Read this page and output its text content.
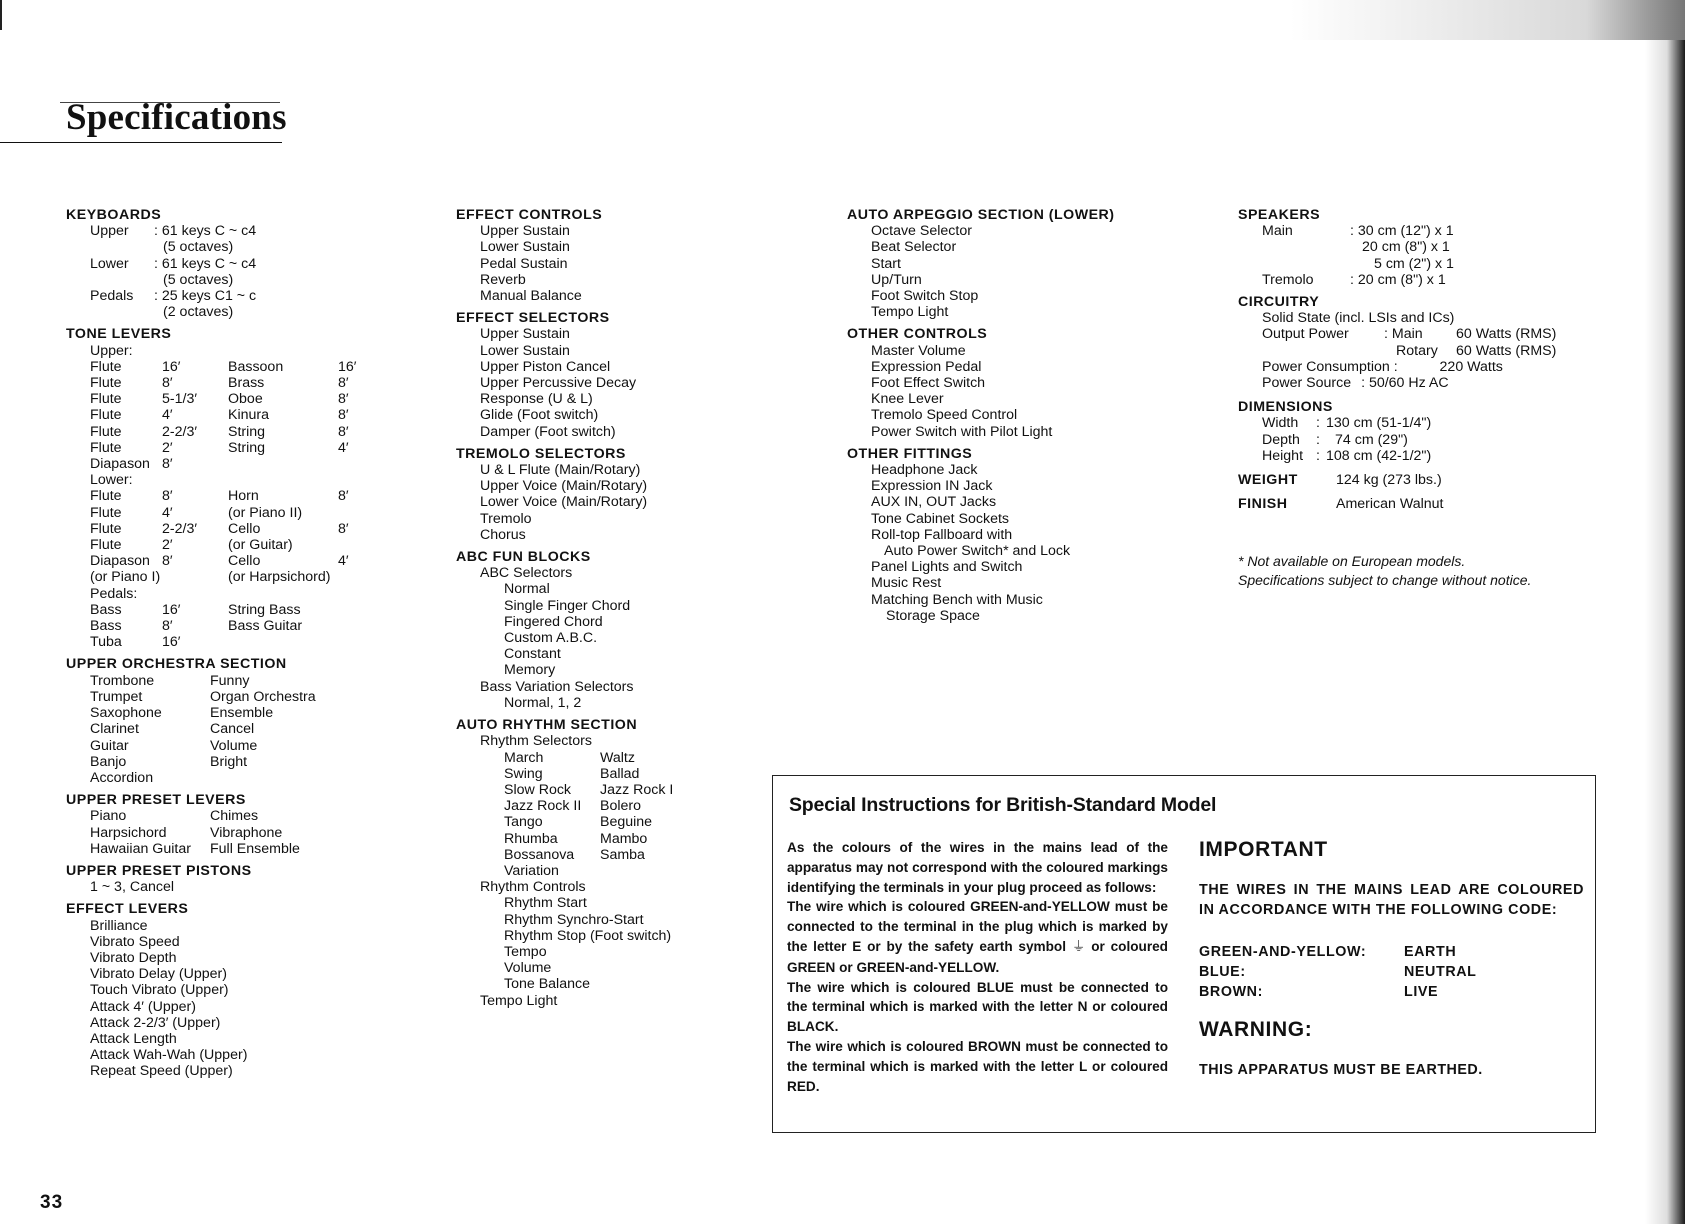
Specifications
KEYBOARDS
Upper	: 61 keys C ~ c4
(5 octaves)
Lower	: 61 keys C ~ c4
(5 octaves)
Pedals	: 25 keys C1 ~ c
(2 octaves)
TONE LEVERS
Upper:
Flute	16′	Bassoon	16′
Flute	8′	Brass	8′
Flute	5-1/3′	Oboe	8′
Flute	4′	Kinura	8′
Flute	2-2/3′	String	8′
Flute	2′	String	4′
Diapason 8′
Lower:
Flute	8′	Horn	8′
Flute	4′	(or Piano II)
Flute	2-2/3′	Cello	8′
Flute	2′	(or Guitar)
Diapason 8′	Cello	4′
(or Piano I)	(or Harpsichord)
Pedals:
Bass	16′	String Bass
Bass	8′	Bass Guitar
Tuba	16′
UPPER ORCHESTRA SECTION
Trombone	Funny
Trumpet	Organ Orchestra
Saxophone	Ensemble
Clarinet	Cancel
Guitar	Volume
Banjo	Bright
Accordion
UPPER PRESET LEVERS
Piano	Chimes
Harpsichord	Vibraphone
Hawaiian Guitar	Full Ensemble
UPPER PRESET PISTONS
1 ~ 3, Cancel
EFFECT LEVERS
Brilliance
Vibrato Speed
Vibrato Depth
Vibrato Delay (Upper)
Touch Vibrato (Upper)
Attack 4′ (Upper)
Attack 2-2/3′ (Upper)
Attack Length
Attack Wah-Wah (Upper)
Repeat Speed (Upper)
EFFECT CONTROLS
Upper Sustain
Lower Sustain
Pedal Sustain
Reverb
Manual Balance
EFFECT SELECTORS
Upper Sustain
Lower Sustain
Upper Piston Cancel
Upper Percussive Decay
Response (U & L)
Glide (Foot switch)
Damper (Foot switch)
TREMOLO SELECTORS
U & L Flute (Main/Rotary)
Upper Voice (Main/Rotary)
Lower Voice (Main/Rotary)
Tremolo
Chorus
ABC FUN BLOCKS
ABC Selectors
Normal
Single Finger Chord
Fingered Chord
Custom A.B.C.
Constant
Memory
Bass Variation Selectors
Normal, 1, 2
AUTO RHYTHM SECTION
Rhythm Selectors
March	Waltz
Swing	Ballad
Slow Rock	Jazz Rock I
Jazz Rock II	Bolero
Tango	Beguine
Rhumba	Mambo
Bossanova	Samba
Variation
Rhythm Controls
Rhythm Start
Rhythm Synchro-Start
Rhythm Stop (Foot switch)
Tempo
Volume
Tone Balance
Tempo Light
AUTO ARPEGGIO SECTION (LOWER)
Octave Selector
Beat Selector
Start
Up/Turn
Foot Switch Stop
Tempo Light
OTHER CONTROLS
Master Volume
Expression Pedal
Foot Effect Switch
Knee Lever
Tremolo Speed Control
Power Switch with Pilot Light
OTHER FITTINGS
Headphone Jack
Expression IN Jack
AUX IN, OUT Jacks
Tone Cabinet Sockets
Roll-top Fallboard with
Auto Power Switch* and Lock
Panel Lights and Switch
Music Rest
Matching Bench with Music
Storage Space
SPEAKERS
Main	: 30 cm (12") x 1
20 cm (8") x 1
5 cm (2") x 1
Tremolo	: 20 cm (8") x 1
CIRCUITRY
Solid State (incl. LSIs and ICs)
Output Power	: Main	60 Watts (RMS)
Rotary	60 Watts (RMS)
Power Consumption :	220 Watts
Power Source : 50/60 Hz AC
DIMENSIONS
Width	: 130 cm (51-1/4")
Depth	:	74 cm (29")
Height : 108 cm (42-1/2")
WEIGHT	124 kg (273 lbs.)
FINISH	American Walnut
* Not available on European models.
Specifications subject to change without notice.
Special Instructions for British-Standard Model
As the colours of the wires in the mains lead of the apparatus may not correspond with the coloured markings identifying the terminals in your plug proceed as follows:
The wire which is coloured GREEN-and-YELLOW must be connected to the terminal in the plug which is marked by the letter E or by the safety earth symbol ⏚ or coloured GREEN or GREEN-and-YELLOW.
The wire which is coloured BLUE must be connected to the terminal which is marked with the letter N or coloured BLACK.
The wire which is coloured BROWN must be connected to the terminal which is marked with the letter L or coloured RED.
IMPORTANT
THE WIRES IN THE MAINS LEAD ARE COLOURED IN ACCORDANCE WITH THE FOLLOWING CODE:
GREEN-AND-YELLOW:	EARTH
BLUE:	NEUTRAL
BROWN:	LIVE
WARNING:
THIS APPARATUS MUST BE EARTHED.
33
